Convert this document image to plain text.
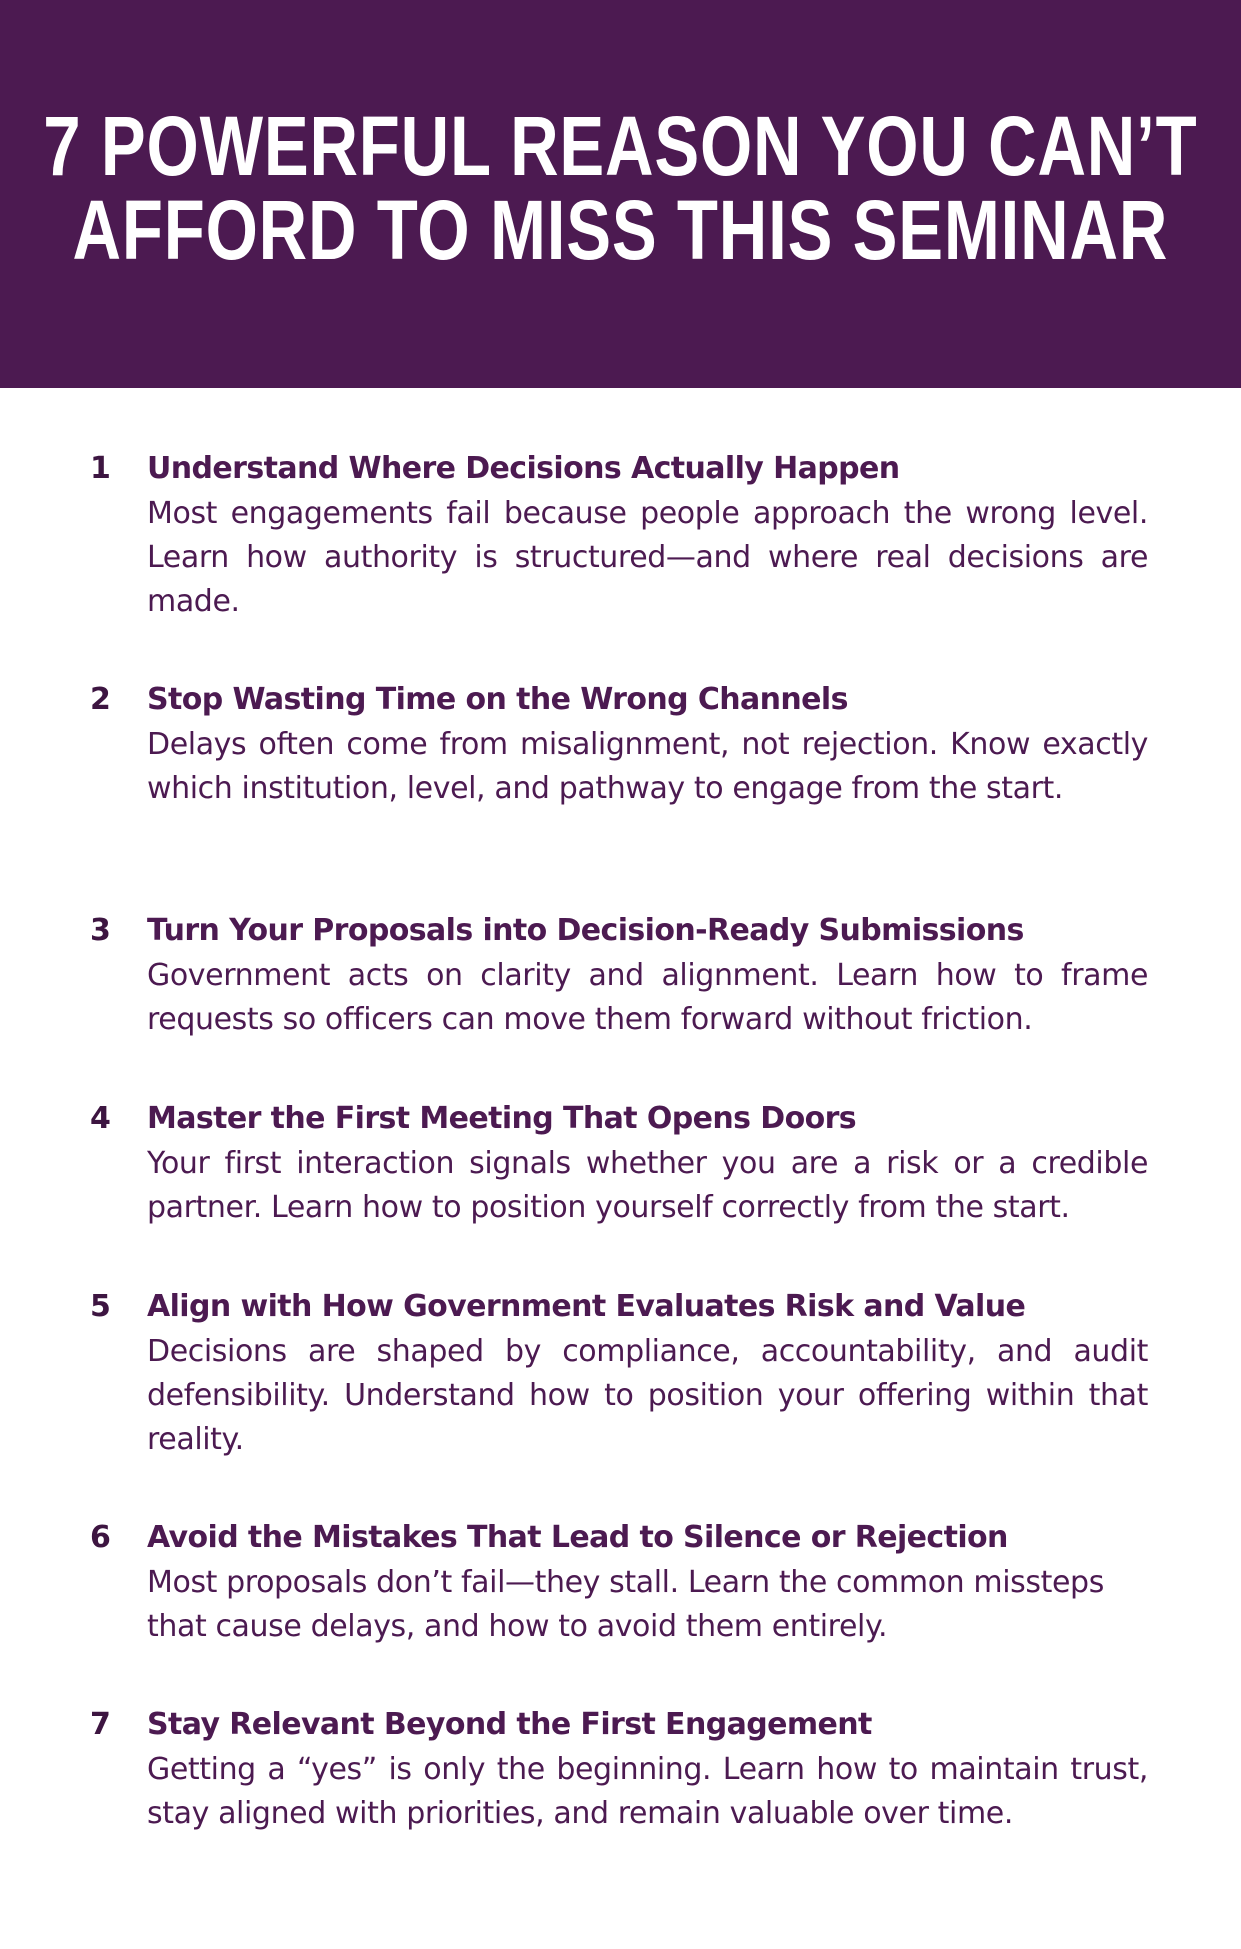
7 POWERFUL REASON YOU CAN’T
AFFORD TO MISS THIS SEMINAR
1 Understand Where Decisions Actually Happen

Most engagements fail because people approach the wrong level. Learn how authority is structured—and where real decisions are made.

2 Stop Wasting Time on the Wrong Channels

Delays often come from misalignment, not rejection. Know exactly which institution, level, and pathway to engage from the start.

3 Turn Your Proposals into Decision-Ready Submissions

Government acts on clarity and alignment. Learn how to frame requests so officers can move them forward without friction.

4 Master the First Meeting That Opens Doors

Your first interaction signals whether you are a risk or a credible partner. Learn how to position yourself correctly from the start.

5 Align with How Government Evaluates Risk and Value

Decisions are shaped by compliance, accountability, and audit defensibility. Understand how to position your offering within that reality.

6 Avoid the Mistakes That Lead to Silence or Rejection

Most proposals don’t fail—they stall. Learn the common missteps that cause delays, and how to avoid them entirely.

7 Stay Relevant Beyond the First Engagement

Getting a “yes” is only the beginning. Learn how to maintain trust, stay aligned with priorities, and remain valuable over time.
